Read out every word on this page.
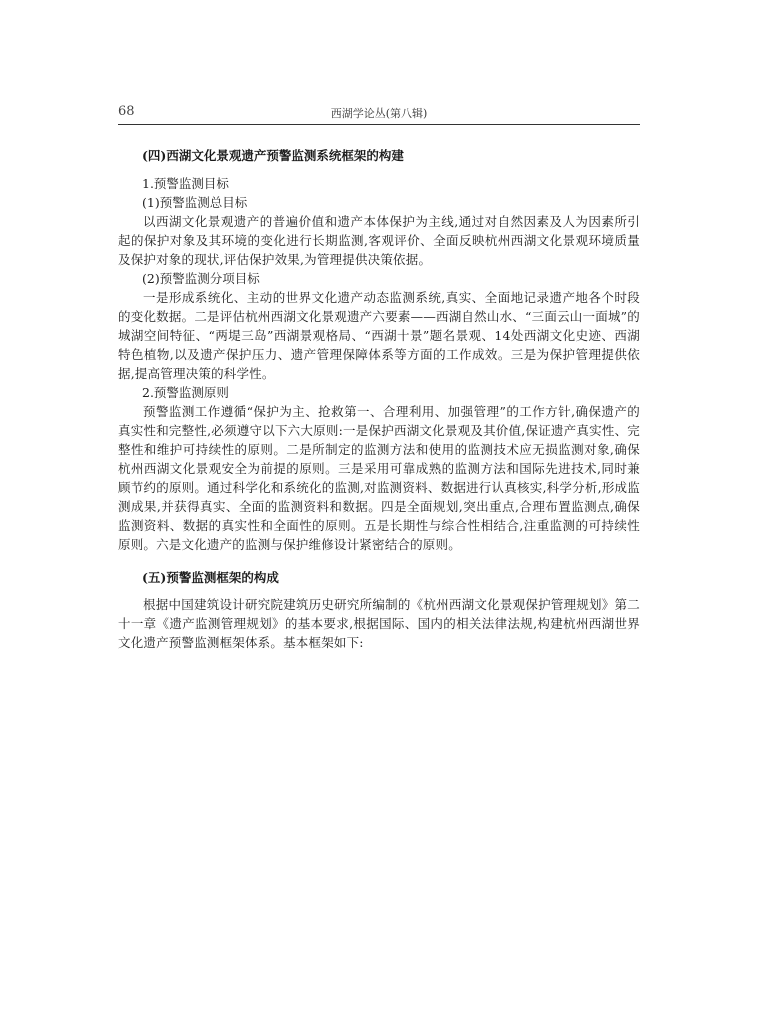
68	西湖学论丛(第八辑)
(四)西湖文化景观遗产预警监测系统框架的构建
1.预警监测目标
(1)预警监测总目标

以西湖文化景观遗产的普遍价值和遗产本体保护为主线,通过对自然因素及人为因素所引起的保护对象及其环境的变化进行长期监测,客观评价、全面反映杭州西湖文化景观环境质量及保护对象的现状,评估保护效果,为管理提供决策依据。

(2)预警监测分项目标

一是形成系统化、主动的世界文化遗产动态监测系统,真实、全面地记录遗产地各个时段的变化数据。二是评估杭州西湖文化景观遗产六要素——西湖自然山水、“三面云山一面城”的城湖空间特征、“两堤三岛”西湖景观格局、“西湖十景”题名景观、14处西湖文化史迹、西湖特色植物,以及遗产保护压力、遗产管理保障体系等方面的工作成效。三是为保护管理提供依据,提高管理决策的科学性。

2.预警监测原则

预警监测工作遵循“保护为主、抢救第一、合理利用、加强管理”的工作方针,确保遗产的真实性和完整性,必须遵守以下六大原则:一是保护西湖文化景观及其价值,保证遗产真实性、完整性和维护可持续性的原则。二是所制定的监测方法和使用的监测技术应无损监测对象,确保杭州西湖文化景观安全为前提的原则。三是采用可靠成熟的监测方法和国际先进技术,同时兼顾节约的原则。通过科学化和系统化的监测,对监测资料、数据进行认真核实,科学分析,形成监测成果,并获得真实、全面的监测资料和数据。四是全面规划,突出重点,合理布置监测点,确保监测资料、数据的真实性和全面性的原则。五是长期性与综合性相结合,注重监测的可持续性原则。六是文化遗产的监测与保护维修设计紧密结合的原则。

(五)预警监测框架的构成

根据中国建筑设计研究院建筑历史研究所编制的《杭州西湖文化景观保护管理规划》第二十一章《遗产监测管理规划》的基本要求,根据国际、国内的相关法律法规,构建杭州西湖世界文化遗产预警监测框架体系。基本框架如下:
